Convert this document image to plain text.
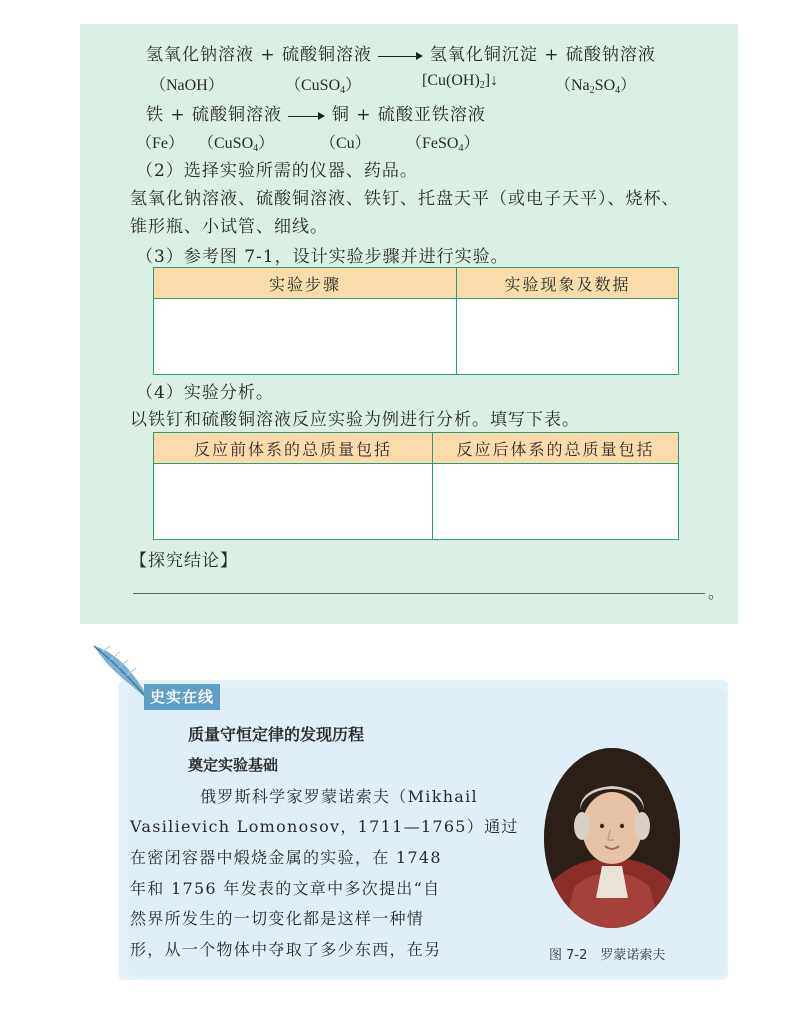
氢氧化钠溶液 + 硫酸铜溶液	氢氧化铜沉淀 + 硫酸钠溶液
（NaOH）	（CuSO$_4$）	$[Cu(OH)_2]↓$	$(Na_2SO_4)$
铁 + 硫酸铜溶液	铜 + 硫酸亚铁溶液
（Fe） （CuSO$_4$）	（Cu） （FeSO$_4$）
（2）选择实验所需的仪器、药品。
氢氧化钠溶液、硫酸铜溶液、铁钉、托盘天平（或电子天平）、烧杯、
锥形瓶、小试管、细线。
（3）参考图 7-1，设计实验步骤并进行实验。
实验步骤	实验现象及数据

（4）实验分析。
以铁钉和硫酸铜溶液反应实验为例进行分析。填写下表。
反应前体系的总质量包括	反应后体系的总质量包括

【探究结论】
。
史实在线
质量守恒定律的发现历程
奠定实验基础
俄罗斯科学家罗蒙诺索夫（Mikhail
Vasilievich Lomonosov，1711—1765）通过
在密闭容器中煅烧金属的实验，在 1748
年和 1756 年发表的文章中多次提出“自
然界所发生的一切变化都是这样一种情
形，从一个物体中夺取了多少东西，在另	图 7-2　罗蒙诺索夫
